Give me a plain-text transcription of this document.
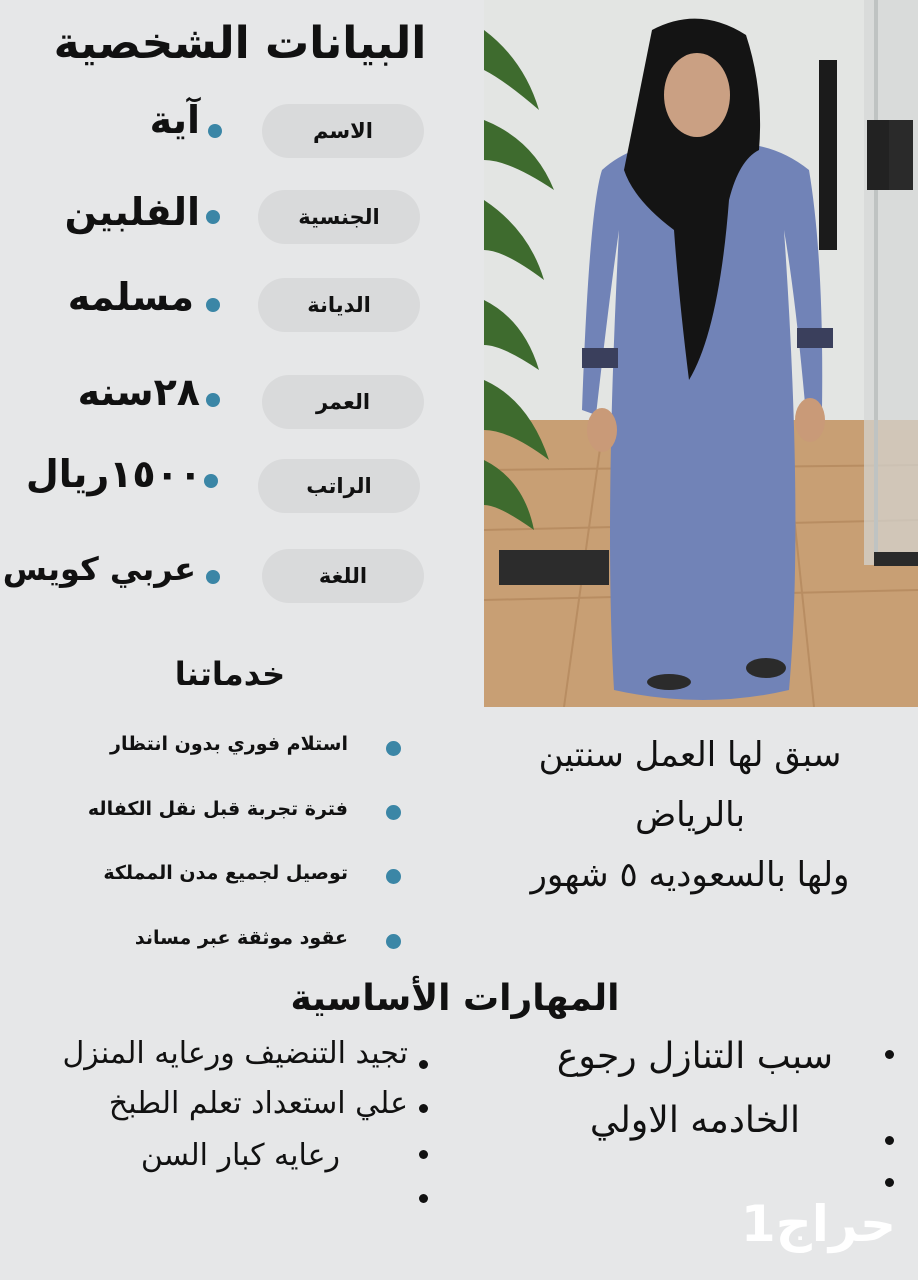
البيانات الشخصية
آية	الاسم
الفلبين	الجنسية
مسلمه	الديانة
٢٨سنه	العمر
١٥٠٠ريال	الراتب
عربي كويس	اللغة
خدماتنا
استلام فوري بدون انتظار
فترة تجربة قبل نقل الكفاله
توصيل لجميع مدن المملكة
عقود موثقة عبر مساند
سبق لها العمل سنتين
بالرياض
ولها بالسعوديه ٥ شهور
المهارات الأساسية
تجيد التنضيف ورعايه المنزل
علي استعداد تعلم الطبخ
رعايه كبار السن
سبب التنازل رجوع
الخادمه الاولي
حراج1
